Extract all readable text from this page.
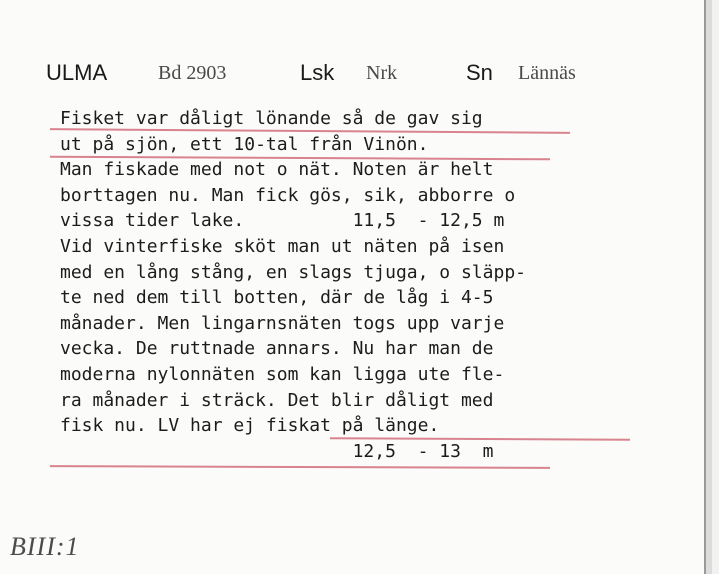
ULMA	Bd 2903	Lsk Nrk	Sn Lännäs
Fisket var dåligt lönande så de gav sig
ut på sjön, ett 10-tal från Vinön.
Man fiskade med not o nät. Noten är helt
borttagen nu. Man fick gös, sik, abborre o
vissa tider lake.          11,5  - 12,5 m
Vid vinterfiske sköt man ut näten på isen
med en lång stång, en slags tjuga, o släpp-
te ned dem till botten, där de låg i 4-5
månader. Men lingarnsnäten togs upp varje
vecka. De ruttnade annars. Nu har man de
moderna nylonnäten som kan ligga ute fle-
ra månader i sträck. Det blir dåligt med
fisk nu. LV har ej fiskat på länge.
12,5  - 13  m
BIII:1
